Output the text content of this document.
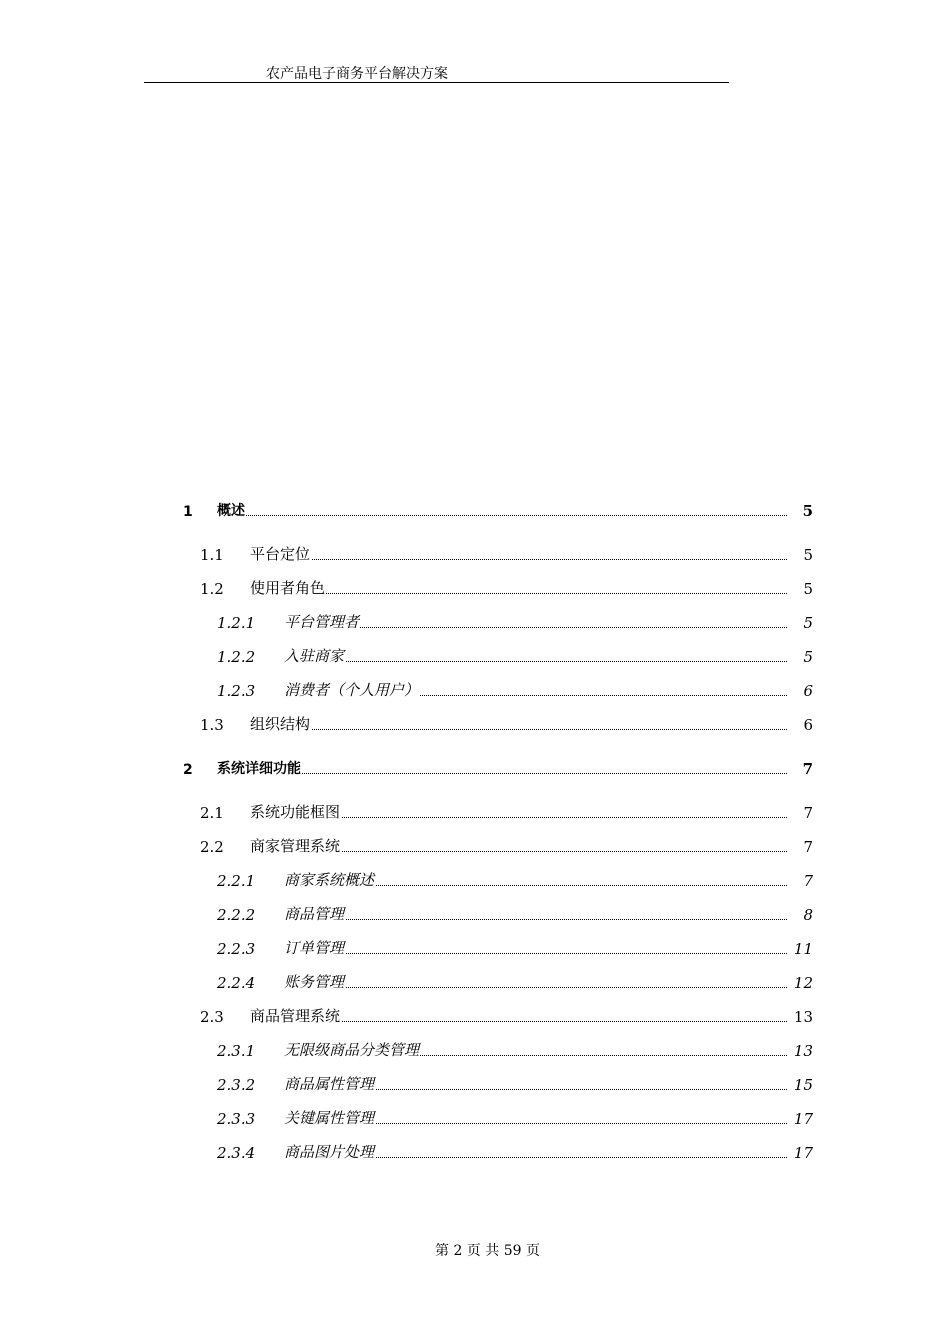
农产品电子商务平台解决方案
1 概述	5
1.1 平台定位	5
1.2 使用者角色	5
1.2.1 平台管理者	5
1.2.2 入驻商家	5
1.2.3 消费者（个人用户）	6
1.3 组织结构	6
2 系统详细功能	7
2.1 系统功能框图	7
2.2 商家管理系统	7
2.2.1 商家系统概述	7
2.2.2 商品管理	8
2.2.3 订单管理	11
2.2.4 账务管理	12
2.3 商品管理系统	13
2.3.1 无限级商品分类管理	13
2.3.2 商品属性管理	15
2.3.3 关键属性管理	17
2.3.4 商品图片处理	17
第 2 页 共 59 页
